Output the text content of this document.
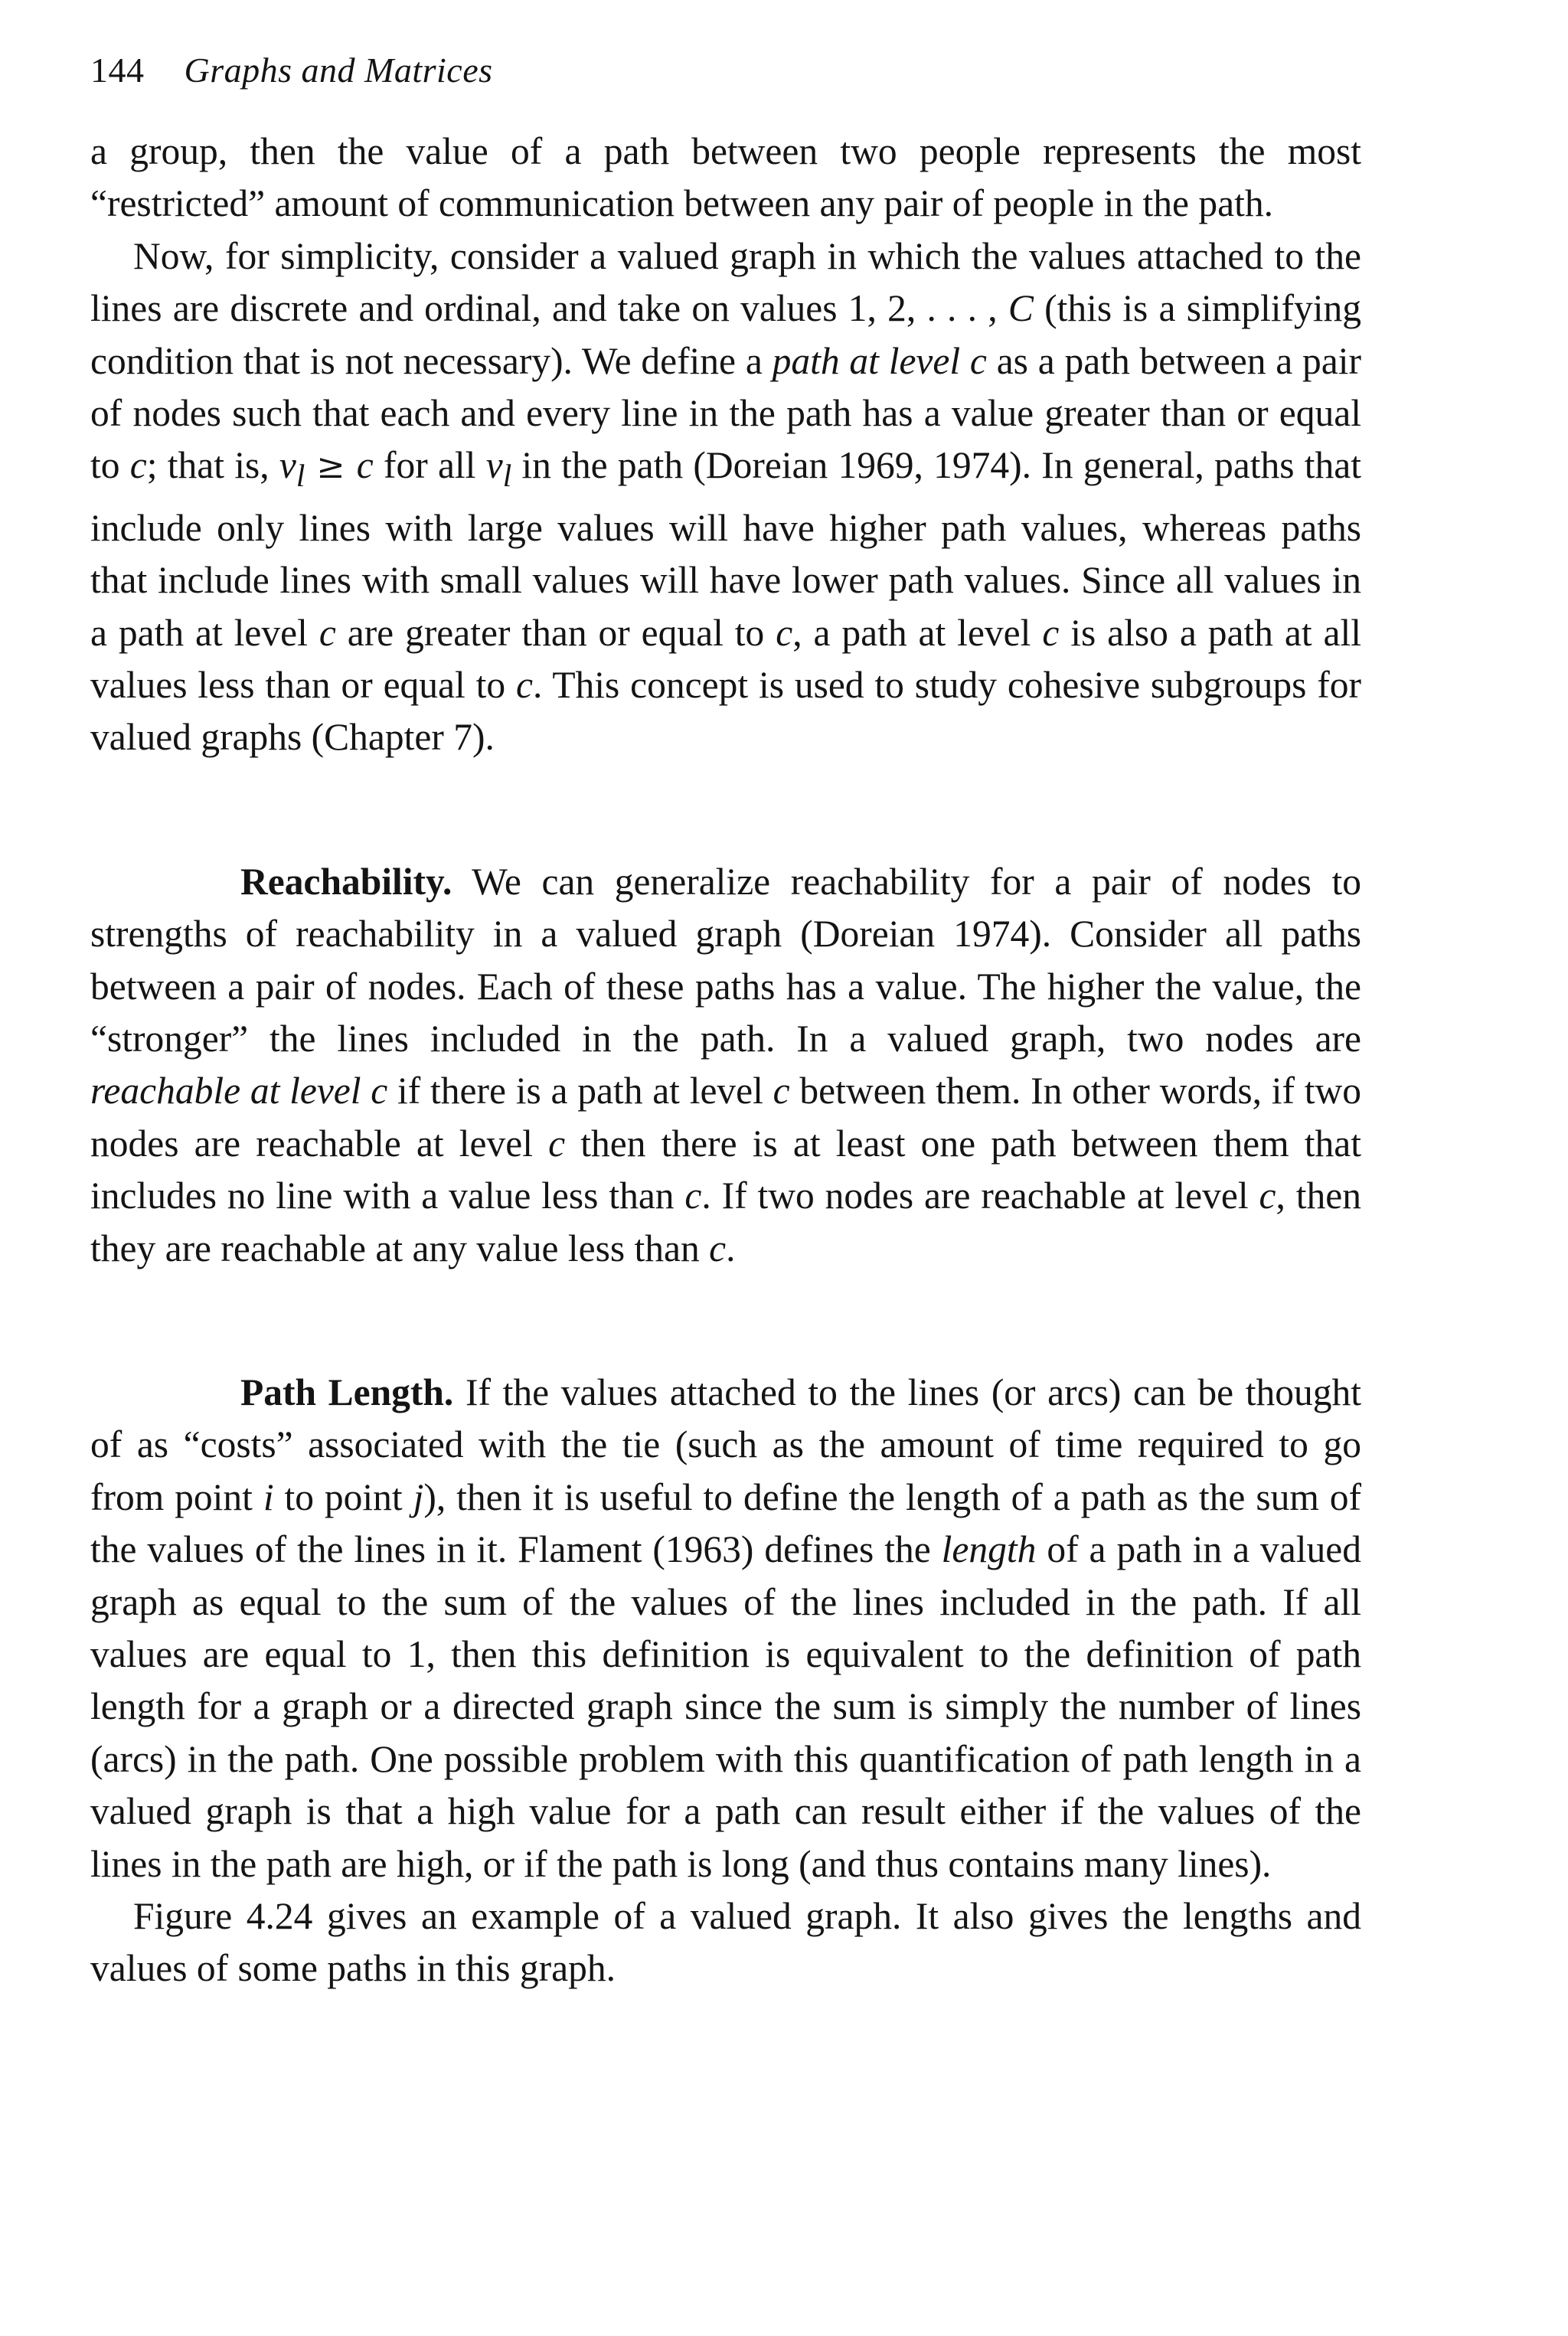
144 Graphs and Matrices

a group, then the value of a path between two people represents the most “restricted” amount of communication between any pair of people in the path.

Now, for simplicity, consider a valued graph in which the values attached to the lines are discrete and ordinal, and take on values 1, 2, . . . , C (this is a simplifying condition that is not necessary). We define a path at level c as a path between a pair of nodes such that each and every line in the path has a value greater than or equal to c; that is, $v_l \ge c$ for all $v_l$ in the path (Doreian 1969, 1974). In general, paths that include only lines with large values will have higher path values, whereas paths that include lines with small values will have lower path values. Since all values in a path at level c are greater than or equal to c, a path at level c is also a path at all values less than or equal to c. This concept is used to study cohesive subgroups for valued graphs (Chapter 7).

Reachability. We can generalize reachability for a pair of nodes to strengths of reachability in a valued graph (Doreian 1974). Consider all paths between a pair of nodes. Each of these paths has a value. The higher the value, the “stronger” the lines included in the path. In a valued graph, two nodes are reachable at level c if there is a path at level c between them. In other words, if two nodes are reachable at level c then there is at least one path between them that includes no line with a value less than c. If two nodes are reachable at level c, then they are reachable at any value less than c.

Path Length. If the values attached to the lines (or arcs) can be thought of as “costs” associated with the tie (such as the amount of time required to go from point i to point j), then it is useful to define the length of a path as the sum of the values of the lines in it. Flament (1963) defines the length of a path in a valued graph as equal to the sum of the values of the lines included in the path. If all values are equal to 1, then this definition is equivalent to the definition of path length for a graph or a directed graph since the sum is simply the number of lines (arcs) in the path. One possible problem with this quantification of path length in a valued graph is that a high value for a path can result either if the values of the lines in the path are high, or if the path is long (and thus contains many lines).

Figure 4.24 gives an example of a valued graph. It also gives the lengths and values of some paths in this graph.
